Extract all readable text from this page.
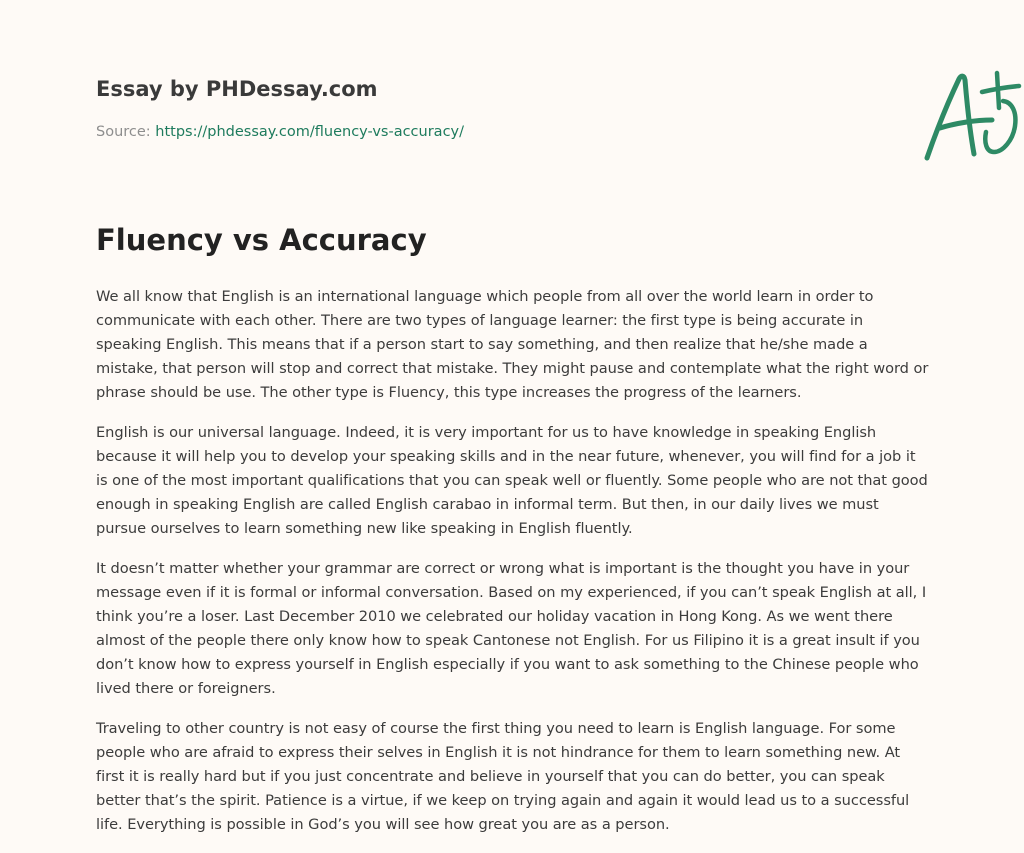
Essay by PHDessay.com
Source: https://phdessay.com/fluency-vs-accuracy/
Fluency vs Accuracy

We all know that English is an international language which people from all over the world learn in order to communicate with each other. There are two types of language learner: the first type is being accurate in speaking English. This means that if a person start to say something, and then realize that he/she made a mistake, that person will stop and correct that mistake. They might pause and contemplate what the right word or phrase should be use. The other type is Fluency, this type increases the progress of the learners.

English is our universal language. Indeed, it is very important for us to have knowledge in speaking English because it will help you to develop your speaking skills and in the near future, whenever, you will find for a job it is one of the most important qualifications that you can speak well or fluently. Some people who are not that good enough in speaking English are called English carabao in informal term. But then, in our daily lives we must pursue ourselves to learn something new like speaking in English fluently.

It doesn’t matter whether your grammar are correct or wrong what is important is the thought you have in your message even if it is formal or informal conversation. Based on my experienced, if you can’t speak English at all, I think you’re a loser. Last December 2010 we celebrated our holiday vacation in Hong Kong. As we went there almost of the people there only know how to speak Cantonese not English. For us Filipino it is a great insult if you don’t know how to express yourself in English especially if you want to ask something to the Chinese people who lived there or foreigners.

Traveling to other country is not easy of course the first thing you need to learn is English language. For some people who are afraid to express their selves in English it is not hindrance for them to learn something new. At first it is really hard but if you just concentrate and believe in yourself that you can do better, you can speak better that’s the spirit. Patience is a virtue, if we keep on trying again and again it would lead us to a successful life. Everything is possible in God’s you will see how great you are as a person.
